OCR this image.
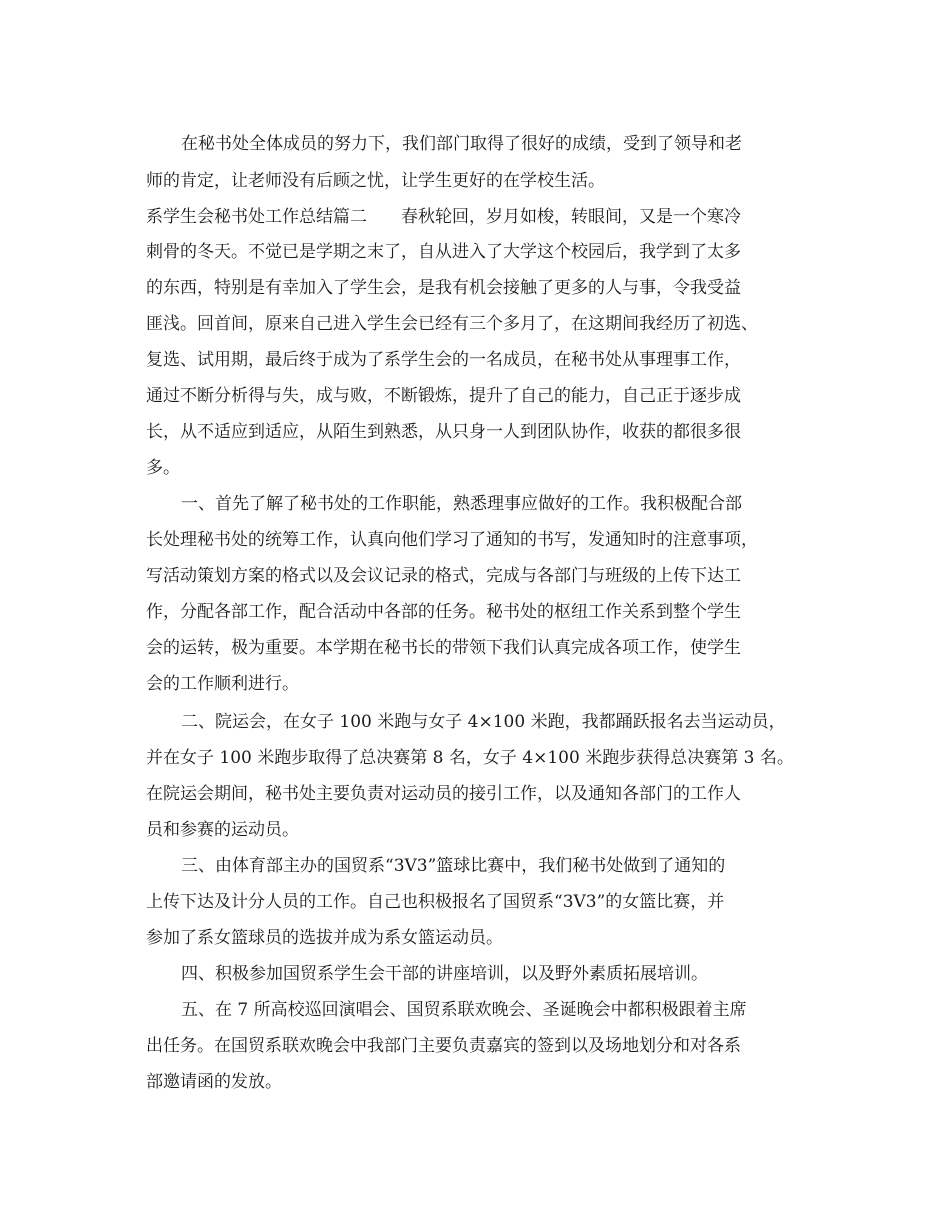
在秘书处全体成员的努力下，我们部门取得了很好的成绩，受到了领导和老
师的肯定，让老师没有后顾之忧，让学生更好的在学校生活。
系学生会秘书处工作总结篇二　　春秋轮回，岁月如梭，转眼间，又是一个寒冷
刺骨的冬天。不觉已是学期之末了，自从进入了大学这个校园后，我学到了太多
的东西，特别是有幸加入了学生会，是我有机会接触了更多的人与事，令我受益
匪浅。回首间，原来自己进入学生会已经有三个多月了，在这期间我经历了初选、
复选、试用期，最后终于成为了系学生会的一名成员，在秘书处从事理事工作，
通过不断分析得与失，成与败，不断锻炼，提升了自己的能力，自己正于逐步成
长，从不适应到适应，从陌生到熟悉，从只身一人到团队协作，收获的都很多很
多。
一、首先了解了秘书处的工作职能，熟悉理事应做好的工作。我积极配合部
长处理秘书处的统筹工作，认真向他们学习了通知的书写，发通知时的注意事项，
写活动策划方案的格式以及会议记录的格式，完成与各部门与班级的上传下达工
作，分配各部工作，配合活动中各部的任务。秘书处的枢纽工作关系到整个学生
会的运转，极为重要。本学期在秘书长的带领下我们认真完成各项工作，使学生
会的工作顺利进行。
二、院运会，在女子 100 米跑与女子 4×100 米跑，我都踊跃报名去当运动员，
并在女子 100 米跑步取得了总决赛第 8 名，女子 4×100 米跑步获得总决赛第 3 名。
在院运会期间，秘书处主要负责对运动员的接引工作，以及通知各部门的工作人
员和参赛的运动员。
三、由体育部主办的国贸系“3V3”篮球比赛中，我们秘书处做到了通知的
上传下达及计分人员的工作。自己也积极报名了国贸系“3V3”的女篮比赛，并
参加了系女篮球员的选拔并成为系女篮运动员。
四、积极参加国贸系学生会干部的讲座培训，以及野外素质拓展培训。
五、在 7 所高校巡回演唱会、国贸系联欢晚会、圣诞晚会中都积极跟着主席
出任务。在国贸系联欢晚会中我部门主要负责嘉宾的签到以及场地划分和对各系
部邀请函的发放。
